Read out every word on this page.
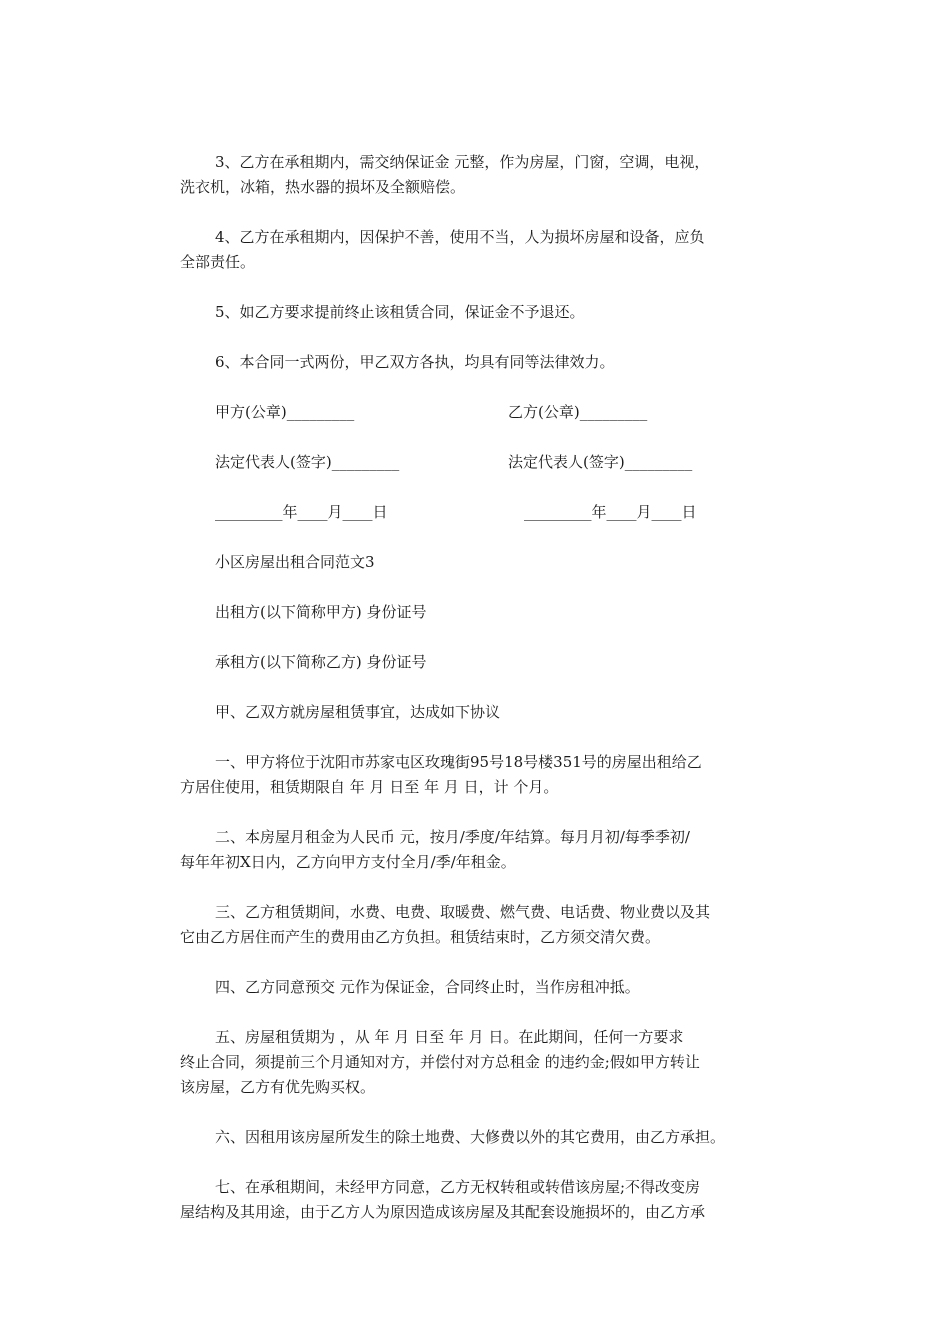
3、乙方在承租期内，需交纳保证金 元整，作为房屋，门窗，空调，电视，
洗衣机，冰箱，热水器的损坏及全额赔偿。
4、乙方在承租期内，因保护不善，使用不当，人为损坏房屋和设备，应负
全部责任。
5、如乙方要求提前终止该租赁合同，保证金不予退还。
6、本合同一式两份，甲乙双方各执，均具有同等法律效力。
甲方(公章)_________	乙方(公章)_________
法定代表人(签字)_________	法定代表人(签字)_________
_________年____月____日	_________年____月____日
小区房屋出租合同范文3
出租方(以下简称甲方) 身份证号
承租方(以下简称乙方) 身份证号
甲、乙双方就房屋租赁事宜，达成如下协议
一、甲方将位于沈阳市苏家屯区玫瑰街95号18号楼351号的房屋出租给乙
方居住使用，租赁期限自 年 月 日至 年 月 日，计 个月。
二、本房屋月租金为人民币 元，按月/季度/年结算。每月月初/每季季初/
每年年初X日内，乙方向甲方支付全月/季/年租金。
三、乙方租赁期间，水费、电费、取暖费、燃气费、电话费、物业费以及其
它由乙方居住而产生的费用由乙方负担。租赁结束时，乙方须交清欠费。
四、乙方同意预交 元作为保证金，合同终止时，当作房租冲抵。
五、房屋租赁期为 ，从 年 月 日至 年 月 日。在此期间，任何一方要求
终止合同，须提前三个月通知对方，并偿付对方总租金 的违约金;假如甲方转让
该房屋，乙方有优先购买权。
六、因租用该房屋所发生的除土地费、大修费以外的其它费用，由乙方承担。
七、在承租期间，未经甲方同意，乙方无权转租或转借该房屋;不得改变房
屋结构及其用途，由于乙方人为原因造成该房屋及其配套设施损坏的，由乙方承
